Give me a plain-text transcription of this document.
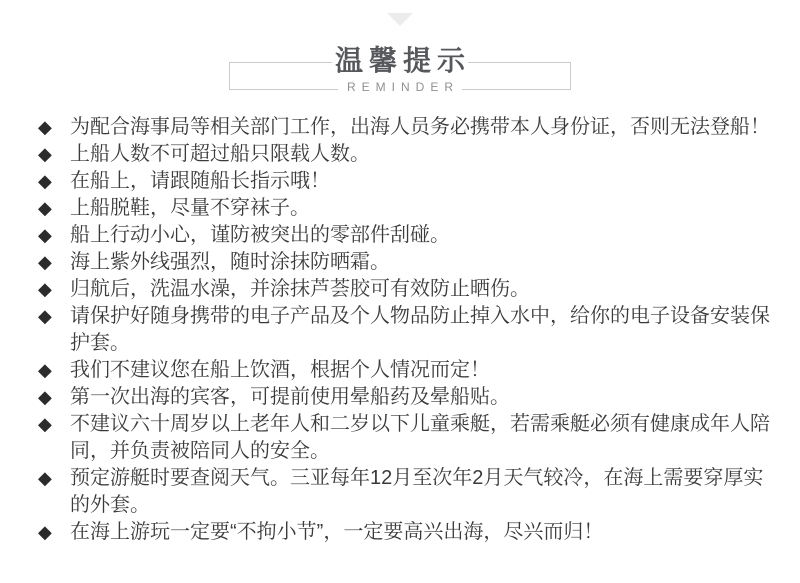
温馨提示
REMINDER
◆ 为配合海事局等相关部门工作，出海人员务必携带本人身份证，否则无法登船！
◆ 上船人数不可超过船只限载人数。
◆ 在船上，请跟随船长指示哦！
◆ 上船脱鞋，尽量不穿袜子。
◆ 船上行动小心，谨防被突出的零部件刮碰。
◆ 海上紫外线强烈，随时涂抹防晒霜。
◆ 归航后，洗温水澡，并涂抹芦荟胶可有效防止晒伤。
◆ 请保护好随身携带的电子产品及个人物品防止掉入水中，给你的电子设备安装保护套。
◆ 我们不建议您在船上饮酒，根据个人情况而定！
◆ 第一次出海的宾客，可提前使用晕船药及晕船贴。
◆ 不建议六十周岁以上老年人和二岁以下儿童乘艇，若需乘艇必须有健康成年人陪同，并负责被陪同人的安全。
◆ 预定游艇时要查阅天气。三亚每年12月至次年2月天气较冷，在海上需要穿厚实的外套。
◆ 在海上游玩一定要“不拘小节”，一定要高兴出海，尽兴而归！
